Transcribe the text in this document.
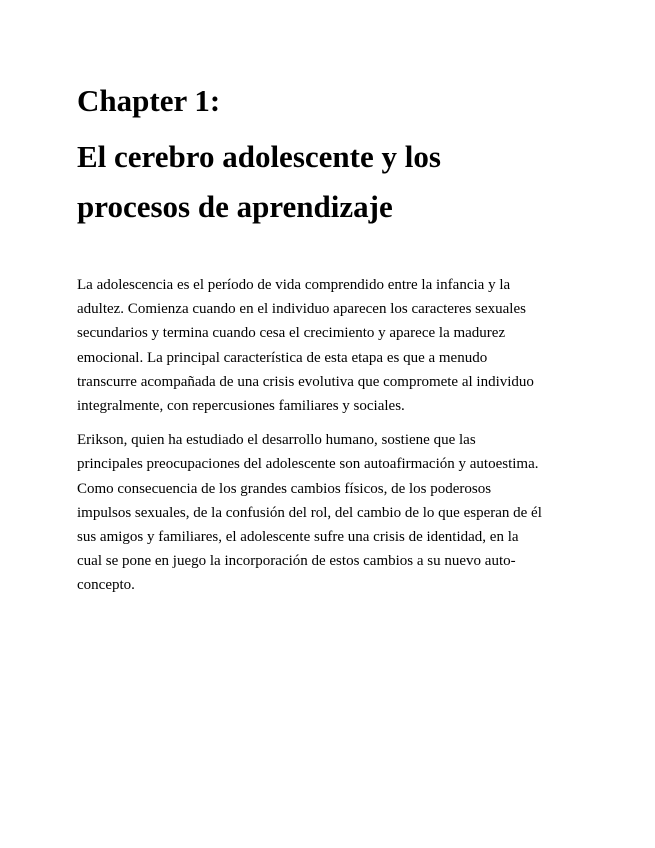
Chapter 1:
El cerebro adolescente y los
procesos de aprendizaje

La adolescencia es el período de vida comprendido entre la infancia y la
adultez. Comienza cuando en el individuo aparecen los caracteres sexuales
secundarios y termina cuando cesa el crecimiento y aparece la madurez
emocional. La principal característica de esta etapa es que a menudo
transcurre acompañada de una crisis evolutiva que compromete al individuo
integralmente, con repercusiones familiares y sociales.

Erikson, quien ha estudiado el desarrollo humano, sostiene que las
principales preocupaciones del adolescente son autoafirmación y autoestima.
Como consecuencia de los grandes cambios físicos, de los poderosos
impulsos sexuales, de la confusión del rol, del cambio de lo que esperan de él
sus amigos y familiares, el adolescente sufre una crisis de identidad, en la
cual se pone en juego la incorporación de estos cambios a su nuevo auto-
concepto.
